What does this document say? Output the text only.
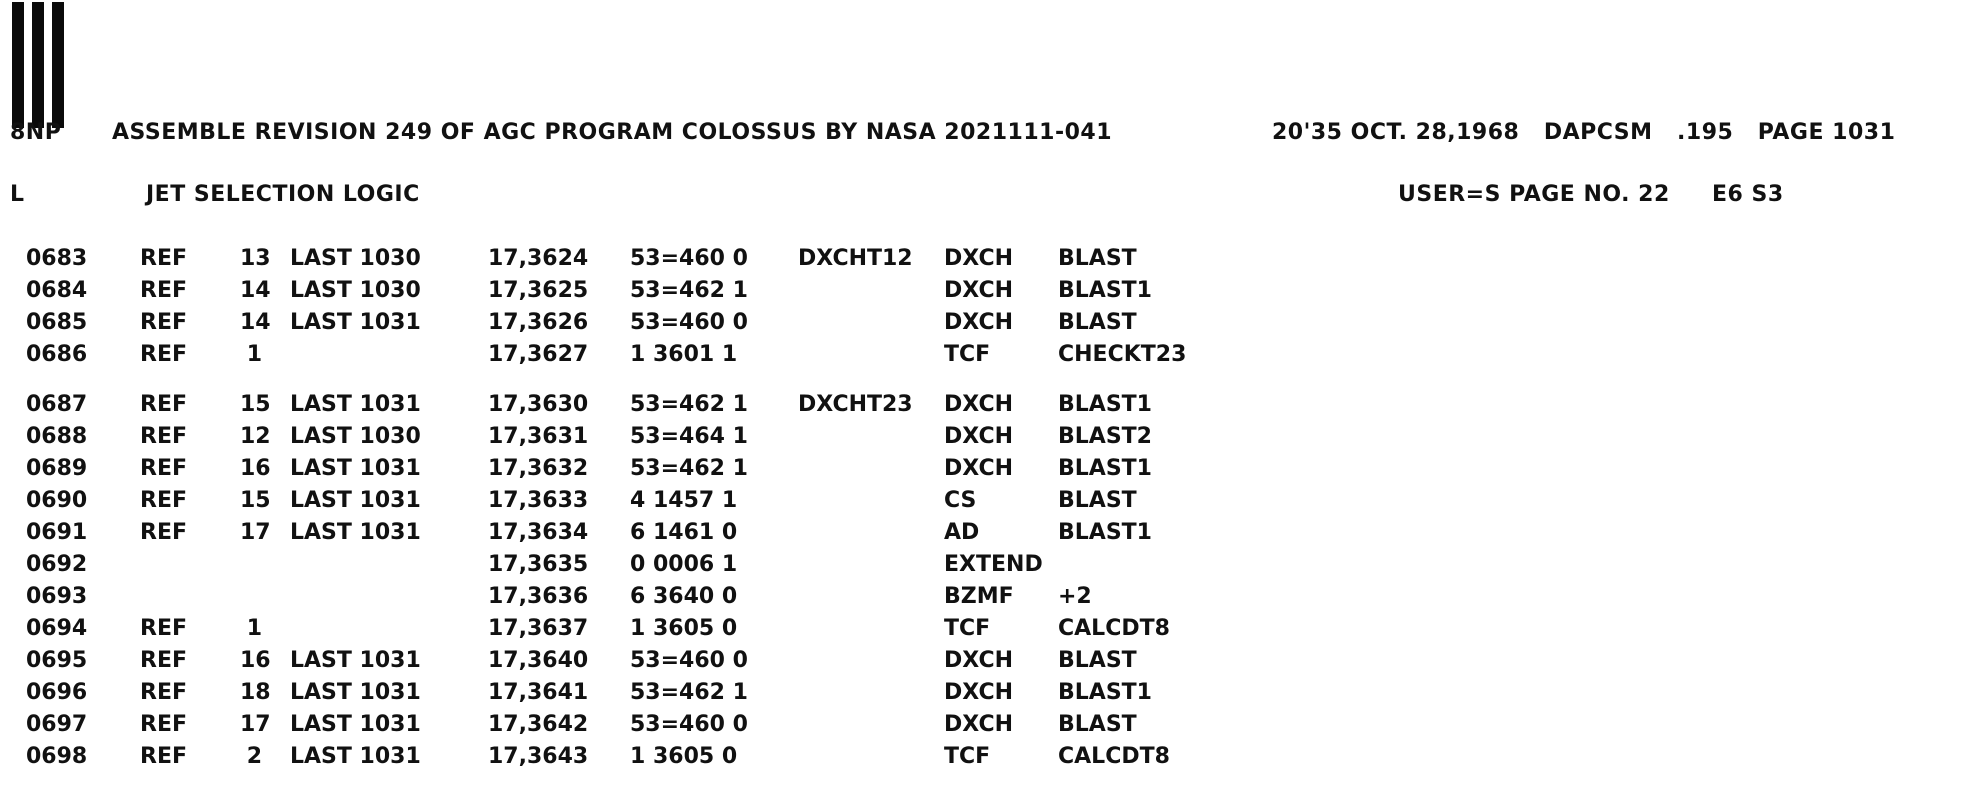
8NP ASSEMBLE REVISION 249 OF AGC PROGRAM COLOSSUS BY NASA 2021111-041	20'35 OCT. 28,1968 DAPCSM .195 PAGE 1031
L	JET SELECTION LOGIC	USER=S PAGE NO. 22 E6 S3
0683 REF 13 LAST 1030	17,3624 53=460 0 DXCHT12 DXCH BLAST
0684 REF 14 LAST 1030	17,3625 53=462 1	DXCH BLAST1
0685 REF 14 LAST 1031	17,3626 53=460 0	DXCH BLAST
0686 REF	1	17,3627 1 3601 1	TCF	CHECKT23
0687 REF 15 LAST 1031	17,3630 53=462 1 DXCHT23 DXCH BLAST1
0688 REF 12 LAST 1030	17,3631 53=464 1	DXCH BLAST2
0689 REF 16 LAST 1031	17,3632 53=462 1	DXCH BLAST1
0690 REF 15 LAST 1031	17,3633 4 1457 1	CS	BLAST
0691 REF 17 LAST 1031	17,3634 6 1461 0	AD	BLAST1
0692	17,3635 0 0006 1	EXTEND
0693	17,3636 6 3640 0	BZMF +2
0694 REF	1	17,3637 1 3605 0	TCF	CALCDT8
0695 REF 16 LAST 1031	17,3640 53=460 0	DXCH BLAST
0696 REF 18 LAST 1031	17,3641 53=462 1	DXCH BLAST1
0697 REF 17 LAST 1031	17,3642 53=460 0	DXCH BLAST
0698 REF	2 LAST 1031	17,3643 1 3605 0	TCF	CALCDT8
